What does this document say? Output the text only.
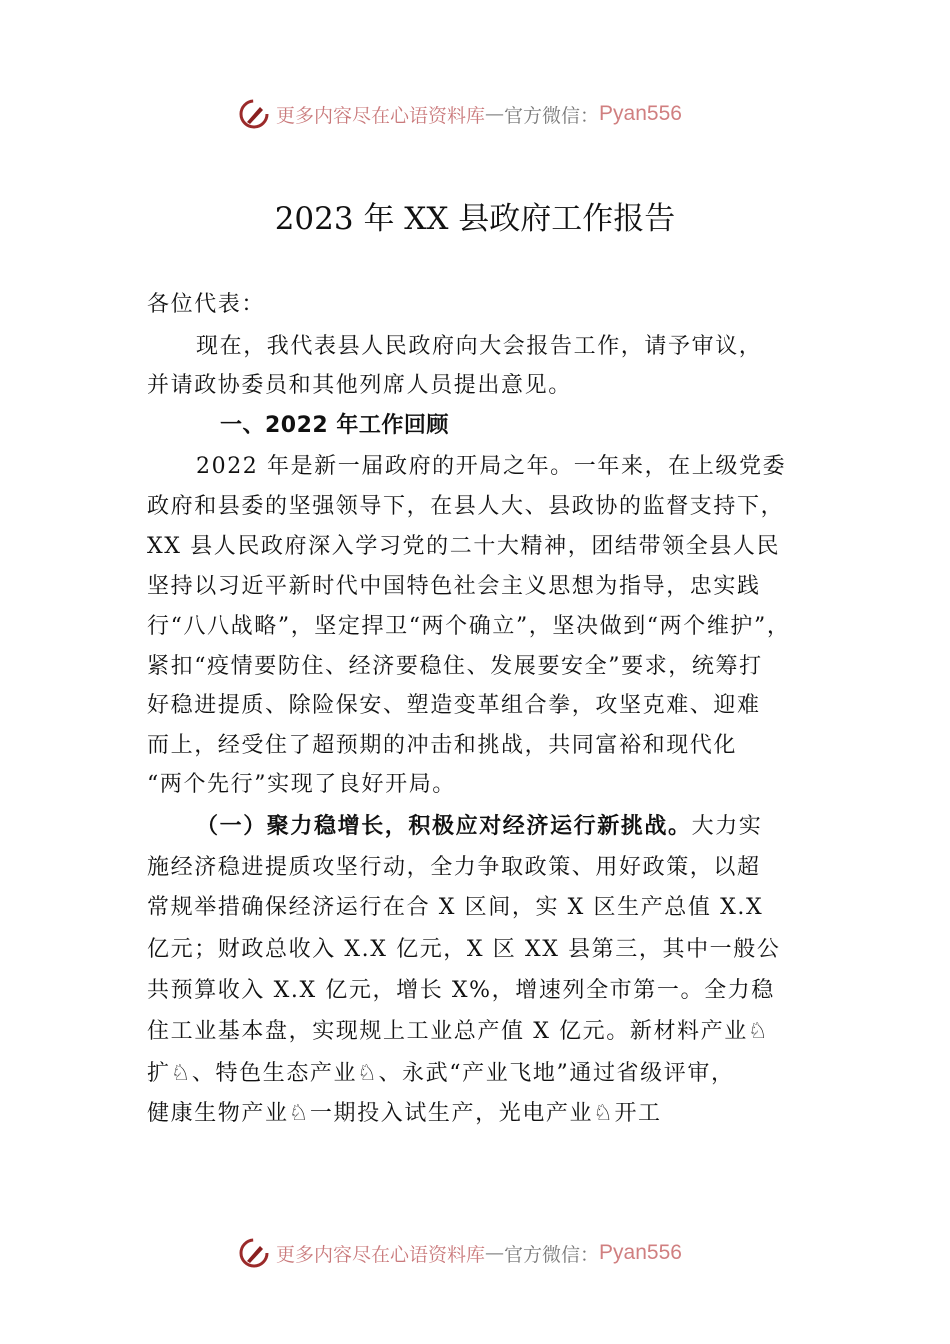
更多内容尽在心语资料库 — 官方微信： Pyan556
2023 年 XX 县政府工作报告
各位代表：
现在，我代表县人民政府向大会报告工作，请予审议，
并请政协委员和其他列席人员提出意见。
一、2022 年工作回顾
2022 年是新一届政府的开局之年。一年来，在上级党委
政府和县委的坚强领导下，在县人大、县政协的监督支持下，
XX 县人民政府深入学习党的二十大精神，团结带领全县人民
坚持以习近平新时代中国特色社会主义思想为指导，忠实践
行“八八战略”，坚定捍卫“两个确立”，坚决做到“两个维护”，
紧扣“疫情要防住、经济要稳住、发展要安全”要求，统筹打
好稳进提质、除险保安、塑造变革组合拳，攻坚克难、迎难
而上，经受住了超预期的冲击和挑战，共同富裕和现代化
“两个先行”实现了良好开局。
（一）聚力稳增长，积极应对经济运行新挑战。大力实
施经济稳进提质攻坚行动，全力争取政策、用好政策，以超
常规举措确保经济运行在合 X 区间，实 X 区生产总值 X.X
亿元；财政总收入 X.X 亿元，X 区 XX 县第三，其中一般公
共预算收入 X.X 亿元，增长 X%，增速列全市第一。全力稳
住工业基本盘，实现规上工业总产值 X 亿元。新材料产业♘
扩♘、特色生态产业♘、永武“产业飞地”通过省级评审，
健康生物产业♘一期投入试生产，光电产业♘开工
更多内容尽在心语资料库 — 官方微信： Pyan556
